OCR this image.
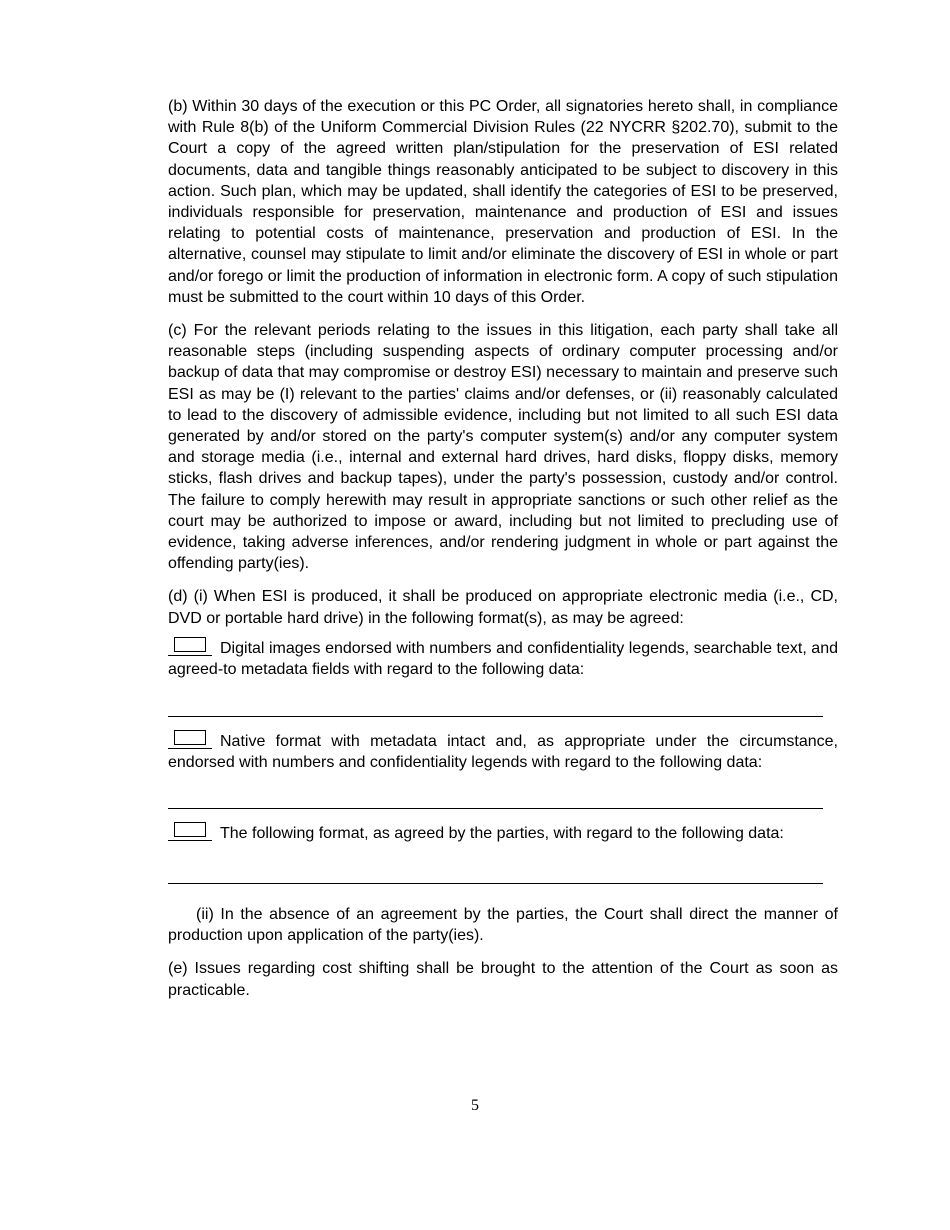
(b) Within 30 days of the execution or this PC Order, all signatories hereto shall, in compliance with Rule 8(b) of the Uniform Commercial Division Rules (22 NYCRR §202.70), submit to the Court a copy of the agreed written plan/stipulation for the preservation of ESI related documents, data and tangible things reasonably anticipated to be subject to discovery in this action. Such plan, which may be updated, shall identify the categories of ESI to be preserved, individuals responsible for preservation, maintenance and production of ESI and issues relating to potential costs of maintenance, preservation and production of ESI. In the alternative, counsel may stipulate to limit and/or eliminate the discovery of ESI in whole or part and/or forego or limit the production of information in electronic form. A copy of such stipulation must be submitted to the court within 10 days of this Order.

(c) For the relevant periods relating to the issues in this litigation, each party shall take all reasonable steps (including suspending aspects of ordinary computer processing and/or backup of data that may compromise or destroy ESI) necessary to maintain and preserve such ESI as may be (I) relevant to the parties' claims and/or defenses, or (ii) reasonably calculated to lead to the discovery of admissible evidence, including but not limited to all such ESI data generated by and/or stored on the party's computer system(s) and/or any computer system and storage media (i.e., internal and external hard drives, hard disks, floppy disks, memory sticks, flash drives and backup tapes), under the party's possession, custody and/or control. The failure to comply herewith may result in appropriate sanctions or such other relief as the court may be authorized to impose or award, including but not limited to precluding use of evidence, taking adverse inferences, and/or rendering judgment in whole or part against the offending party(ies).

(d) (i) When ESI is produced, it shall be produced on appropriate electronic media (i.e., CD, DVD or portable hard drive) in the following format(s), as may be agreed:

Digital images endorsed with numbers and confidentiality legends, searchable text, and agreed-to metadata fields with regard to the following data:

Native format with metadata intact and, as appropriate under the circumstance, endorsed with numbers and confidentiality legends with regard to the following data:

The following format, as agreed by the parties, with regard to the following data:

(ii) In the absence of an agreement by the parties, the Court shall direct the manner of production upon application of the party(ies).

(e) Issues regarding cost shifting shall be brought to the attention of the Court as soon as practicable.

5
